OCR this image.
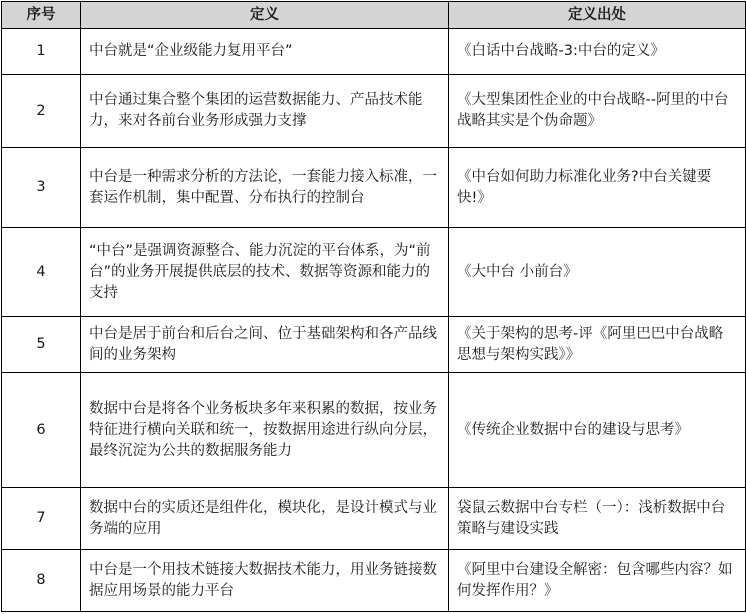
序号	定义	定义出处
1	中台就是“企业级能力复用平台”	《白话中台战略-3:中台的定义》
2	中台通过集合整个集团的运营数据能力、产品技术能力，来对各前台业务形成强力支撑	《大型集团性企业的中台战略--阿里的中台战略其实是个伪命题》
3	中台是一种需求分析的方法论，一套能力接入标准，一套运作机制，集中配置、分布执行的控制台	《中台如何助力标准化业务?中台关键要快!》
4	“中台”是强调资源整合、能力沉淀的平台体系，为“前台”的业务开展提供底层的技术、数据等资源和能力的支持	《大中台 小前台》
5	中台是居于前台和后台之间、位于基础架构和各产品线间的业务架构	《关于架构的思考-评《阿里巴巴中台战略思想与架构实践》》
6	数据中台是将各个业务板块多年来积累的数据，按业务特征进行横向关联和统一，按数据用途进行纵向分层，最终沉淀为公共的数据服务能力	《传统企业数据中台的建设与思考》
7	数据中台的实质还是组件化，模块化，是设计模式与业务端的应用	袋鼠云数据中台专栏（一）：浅析数据中台策略与建设实践
8	中台是一个用技术链接大数据技术能力，用业务链接数据应用场景的能力平台	《阿里中台建设全解密：包含哪些内容？如何发挥作用？》
